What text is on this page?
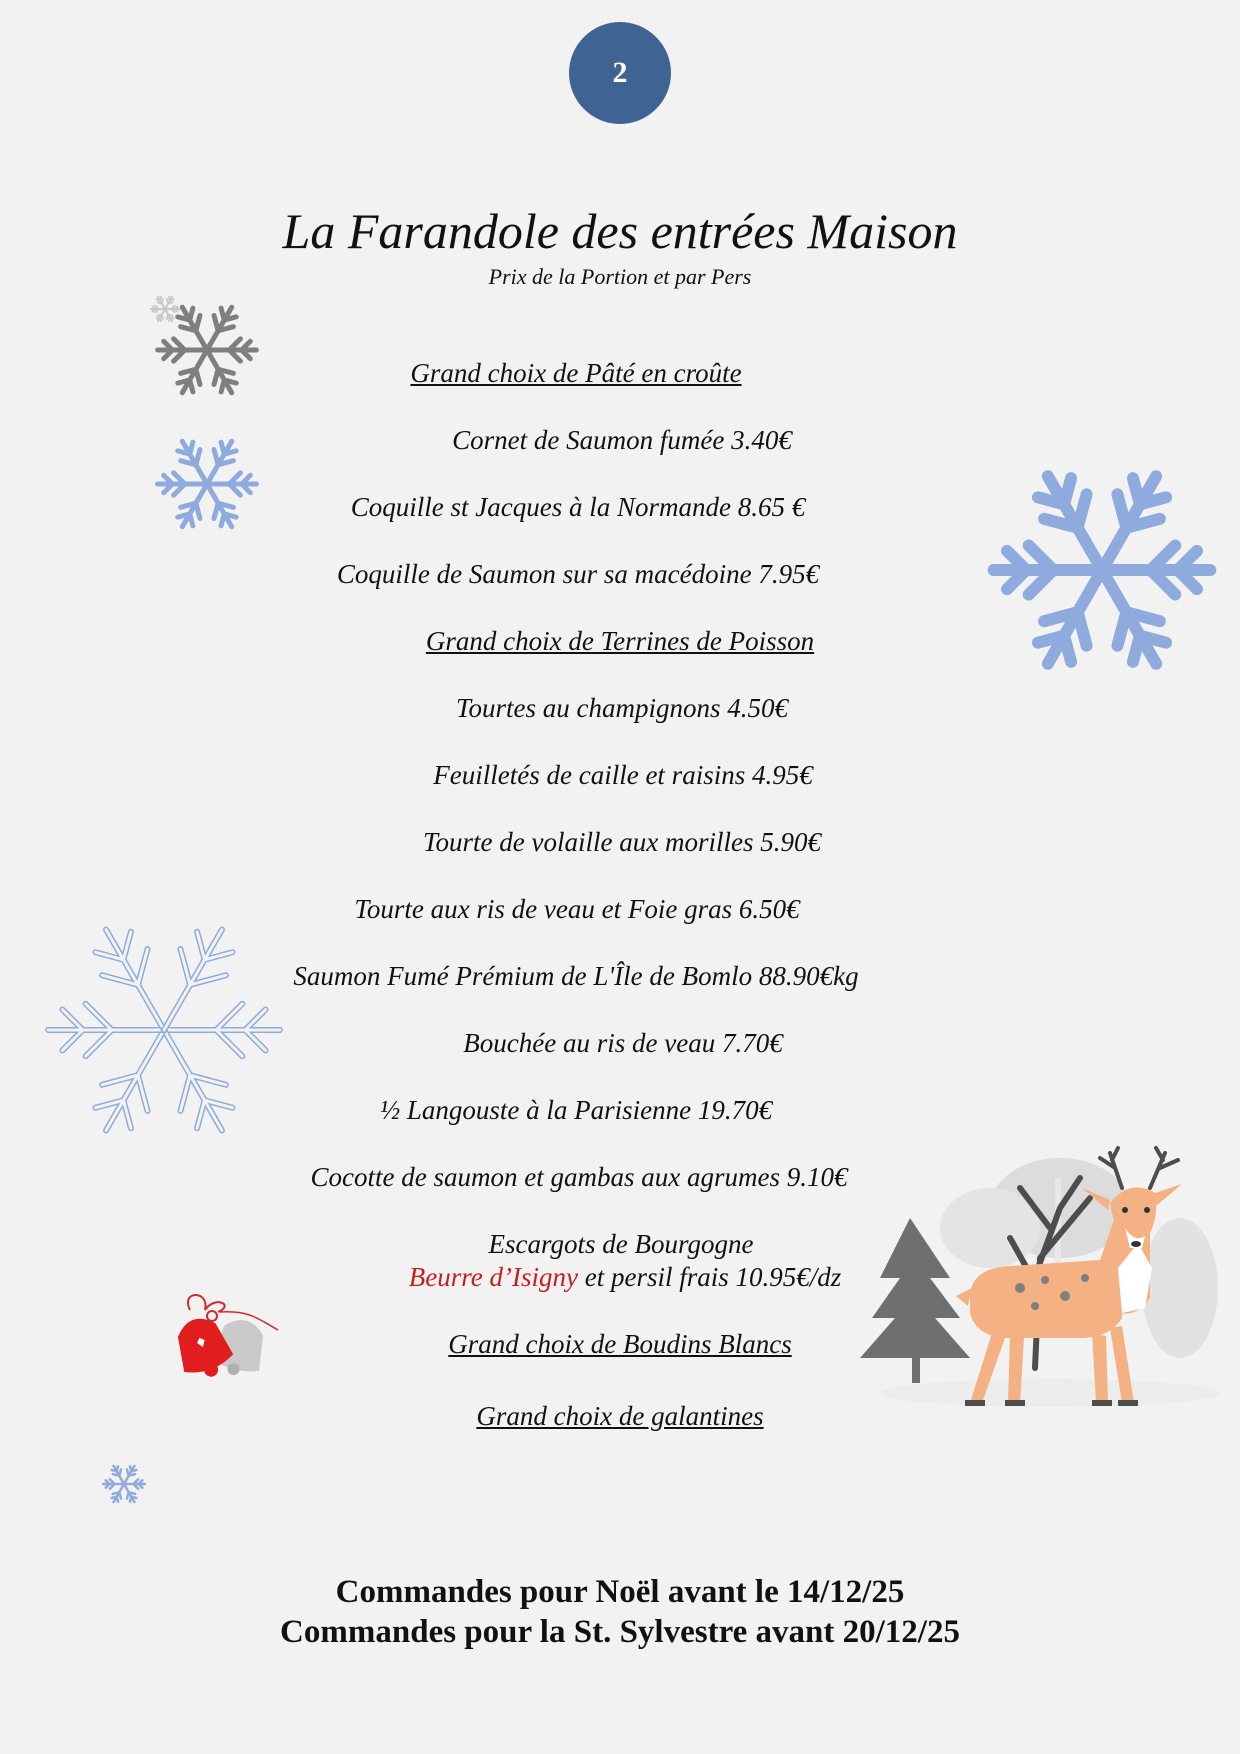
2
La Farandole des entrées Maison
Prix de la Portion et par Pers
Grand choix de Pâté en croûte
Cornet de Saumon fumée 3.40€
Coquille st Jacques à la Normande 8.65 €
Coquille de Saumon sur sa macédoine 7.95€
Grand choix de Terrines de Poisson
Tourtes au champignons 4.50€
Feuilletés de caille et raisins 4.95€
Tourte de volaille aux morilles 5.90€
Tourte aux ris de veau et Foie gras 6.50€
Saumon Fumé Prémium de L'Île de Bomlo 88.90€kg
Bouchée au ris de veau 7.70€
½ Langouste à la Parisienne 19.70€
Cocotte de saumon et gambas aux agrumes 9.10€
Escargots de Bourgogne
Beurre d’Isigny et persil frais 10.95€/dz
Grand choix de Boudins Blancs
Grand choix de galantines
Commandes pour Noël avant le 14/12/25
Commandes pour la St. Sylvestre avant 20/12/25
